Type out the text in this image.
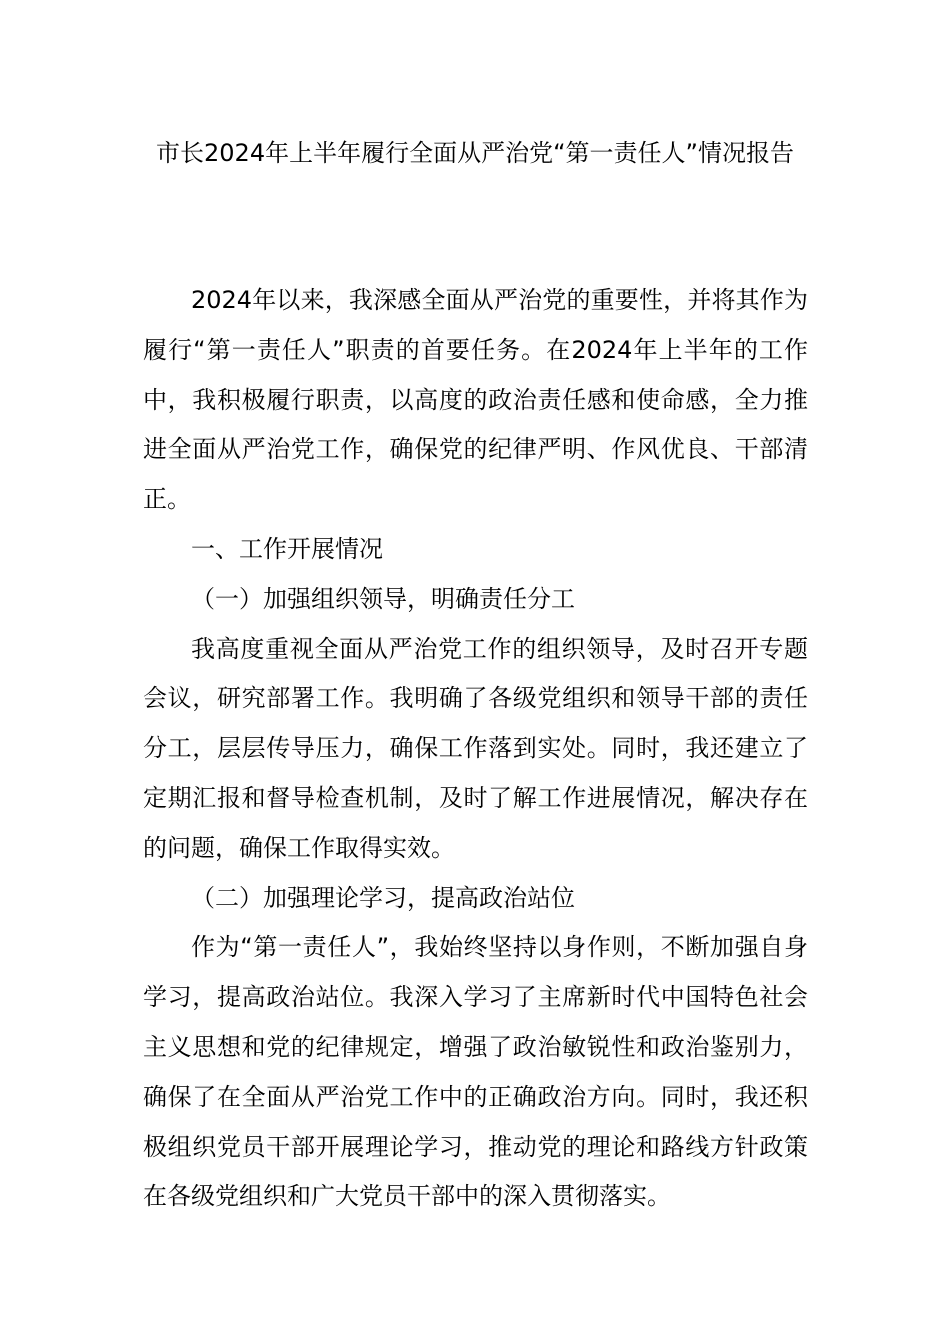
市长2024年上半年履行全面从严治党“第一责任人”情况报告

2024年以来，我深感全面从严治党的重要性，并将其作为履行“第一责任人”职责的首要任务。在2024年上半年的工作中，我积极履行职责，以高度的政治责任感和使命感，全力推进全面从严治党工作，确保党的纪律严明、作风优良、干部清正。

一、工作开展情况

（一）加强组织领导，明确责任分工

我高度重视全面从严治党工作的组织领导，及时召开专题会议，研究部署工作。我明确了各级党组织和领导干部的责任分工，层层传导压力，确保工作落到实处。同时，我还建立了定期汇报和督导检查机制，及时了解工作进展情况，解决存在的问题，确保工作取得实效。

（二）加强理论学习，提高政治站位

作为“第一责任人”，我始终坚持以身作则，不断加强自身学习，提高政治站位。我深入学习了主席新时代中国特色社会主义思想和党的纪律规定，增强了政治敏锐性和政治鉴别力，确保了在全面从严治党工作中的正确政治方向。同时，我还积极组织党员干部开展理论学习，推动党的理论和路线方针政策在各级党组织和广大党员干部中的深入贯彻落实。
